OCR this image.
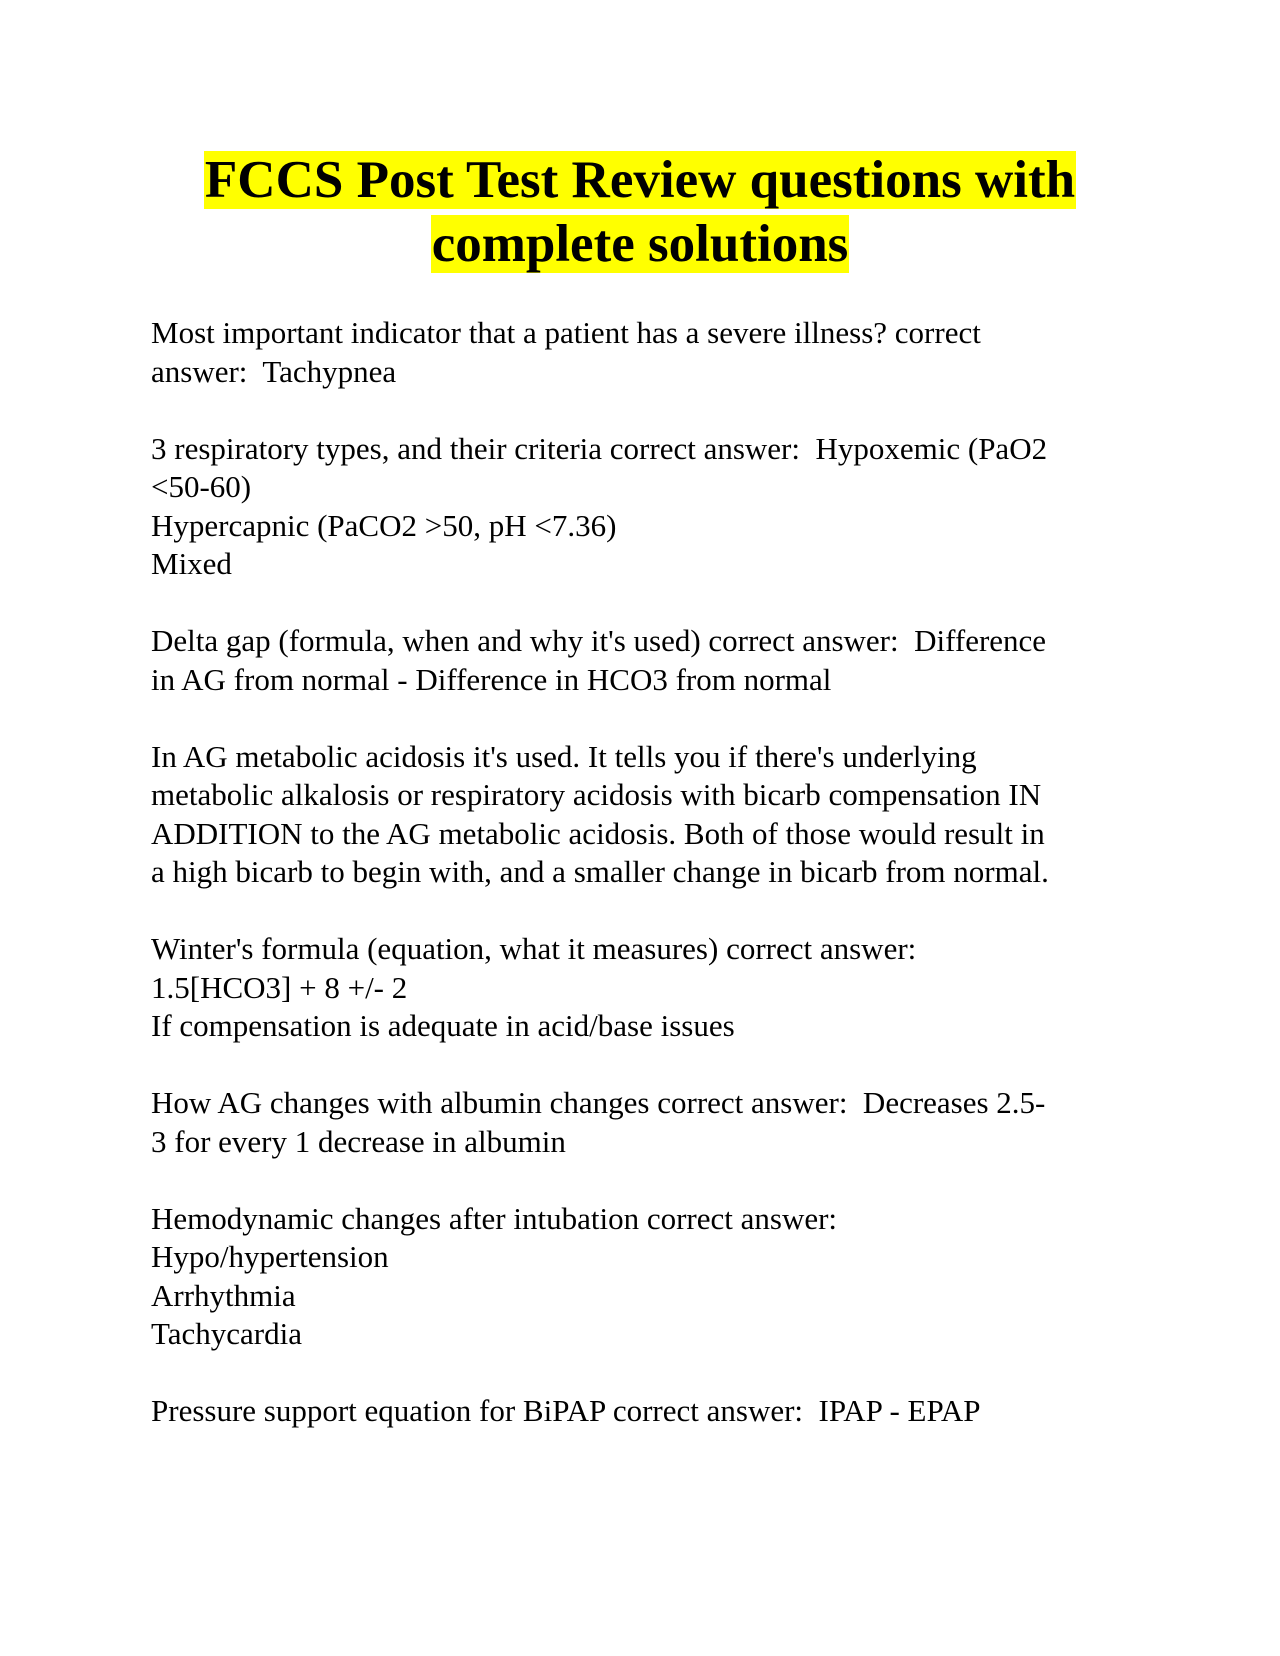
FCCS Post Test Review questions with
complete solutions
Most important indicator that a patient has a severe illness? correct
answer:  Tachypnea
3 respiratory types, and their criteria correct answer:  Hypoxemic (PaO2
<50-60)
Hypercapnic (PaCO2 >50, pH <7.36)
Mixed
Delta gap (formula, when and why it's used) correct answer:  Difference
in AG from normal - Difference in HCO3 from normal
In AG metabolic acidosis it's used. It tells you if there's underlying
metabolic alkalosis or respiratory acidosis with bicarb compensation IN
ADDITION to the AG metabolic acidosis. Both of those would result in
a high bicarb to begin with, and a smaller change in bicarb from normal.
Winter's formula (equation, what it measures) correct answer:
1.5[HCO3] + 8 +/- 2
If compensation is adequate in acid/base issues
How AG changes with albumin changes correct answer:  Decreases 2.5-
3 for every 1 decrease in albumin
Hemodynamic changes after intubation correct answer:
Hypo/hypertension
Arrhythmia
Tachycardia
Pressure support equation for BiPAP correct answer:  IPAP - EPAP
